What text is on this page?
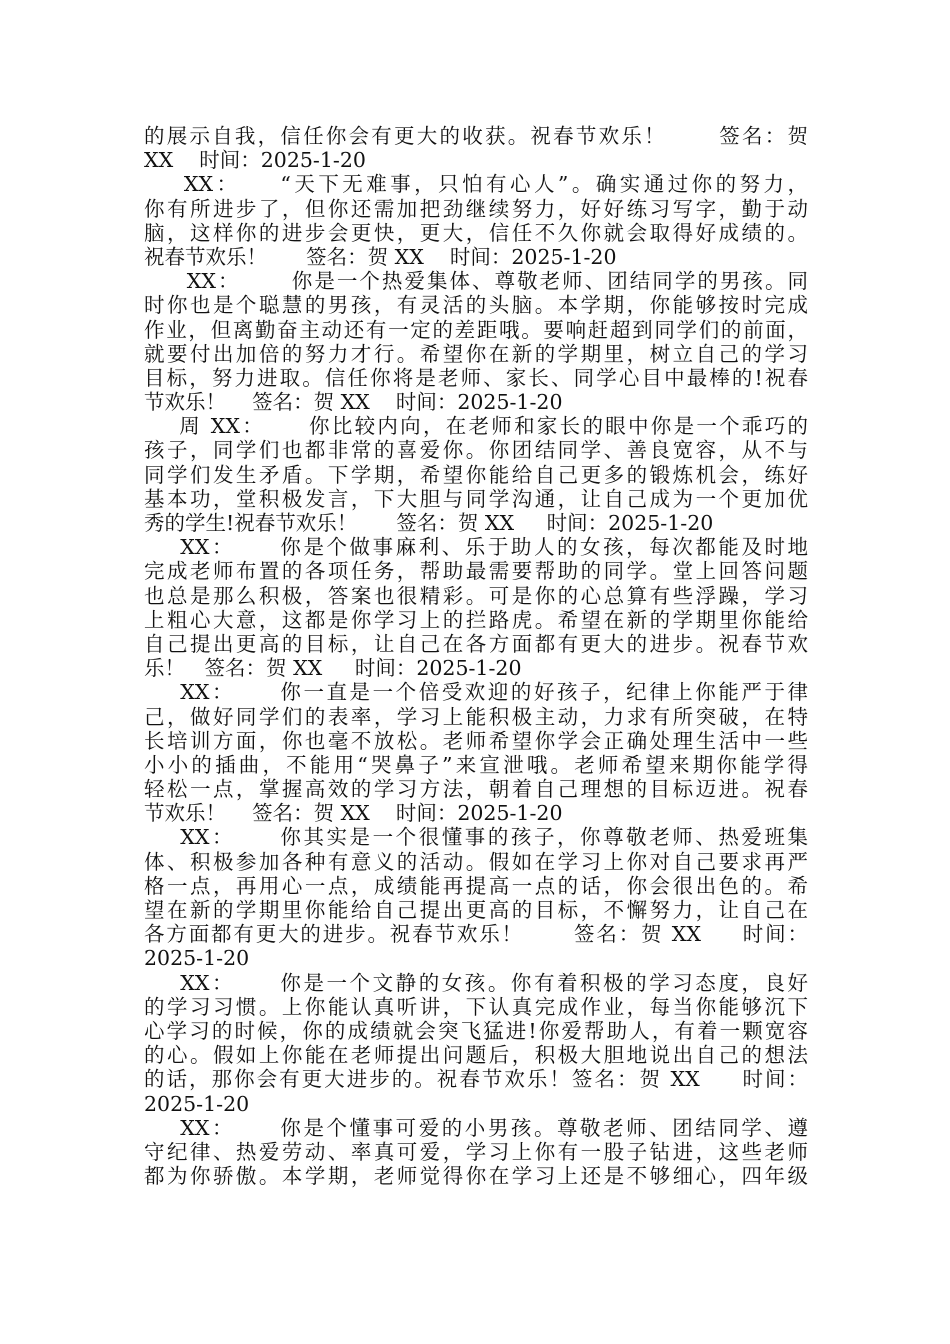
的展示自我，信任你会有更大的收获。祝春节欢乐！      签名：贺
XX    时间：2025-1-20
XX：    “天下无难事，只怕有心人”。确实通过你的努力，
你有所进步了，但你还需加把劲继续努力，好好练习写字，勤于动
脑，这样你的进步会更快，更大，信任不久你就会取得好成绩的。
祝春节欢乐！      签名：贺 XX    时间：2025-1-20
XX：      你是一个热爱集体、尊敬老师、团结同学的男孩。同
时你也是个聪慧的男孩，有灵活的头脑。本学期，你能够按时完成
作业，但离勤奋主动还有一定的差距哦。要响赶超到同学们的前面，
就要付出加倍的努力才行。希望你在新的学期里，树立自己的学习
目标，努力进取。信任你将是老师、家长、同学心目中最棒的!祝春
节欢乐！    签名：贺 XX    时间：2025-1-20
周 XX：     你比较内向，在老师和家长的眼中你是一个乖巧的
孩子，同学们也都非常的喜爱你。你团结同学、善良宽容，从不与
同学们发生矛盾。下学期，希望你能给自己更多的锻炼机会，练好
基本功，堂积极发言，下大胆与同学沟通，让自己成为一个更加优
秀的学生!祝春节欢乐！      签名：贺 XX     时间：2025-1-20
XX：     你是个做事麻利、乐于助人的女孩，每次都能及时地
完成老师布置的各项任务，帮助最需要帮助的同学。堂上回答问题
也总是那么积极，答案也很精彩。可是你的心总算有些浮躁，学习
上粗心大意，这都是你学习上的拦路虎。希望在新的学期里你能给
自己提出更高的目标，让自己在各方面都有更大的进步。祝春节欢
乐！   签名：贺 XX     时间：2025-1-20
XX：     你一直是一个倍受欢迎的好孩子，纪律上你能严于律
己，做好同学们的表率，学习上能积极主动，力求有所突破，在特
长培训方面，你也毫不放松。老师希望你学会正确处理生活中一些
小小的插曲，不能用“哭鼻子”来宣泄哦。老师希望来期你能学得
轻松一点，掌握高效的学习方法，朝着自己理想的目标迈进。祝春
节欢乐！    签名：贺 XX    时间：2025-1-20
XX：     你其实是一个很懂事的孩子，你尊敬老师、热爱班集
体、积极参加各种有意义的活动。假如在学习上你对自己要求再严
格一点，再用心一点，成绩能再提高一点的话，你会很出色的。希
望在新的学期里你能给自己提出更高的目标，不懈努力，让自己在
各方面都有更大的进步。祝春节欢乐！      签名：贺 XX     时间：
2025-1-20
XX：     你是一个文静的女孩。你有着积极的学习态度，良好
的学习习惯。上你能认真听讲，下认真完成作业，每当你能够沉下
心学习的时候，你的成绩就会突飞猛进!你爱帮助人，有着一颗宽容
的心。假如上你能在老师提出问题后，积极大胆地说出自己的想法
的话，那你会有更大进步的。祝春节欢乐！签名：贺 XX     时间：
2025-1-20
XX：     你是个懂事可爱的小男孩。尊敬老师、团结同学、遵
守纪律、热爱劳动、率真可爱，学习上你有一股子钻进，这些老师
都为你骄傲。本学期，老师觉得你在学习上还是不够细心，四年级
